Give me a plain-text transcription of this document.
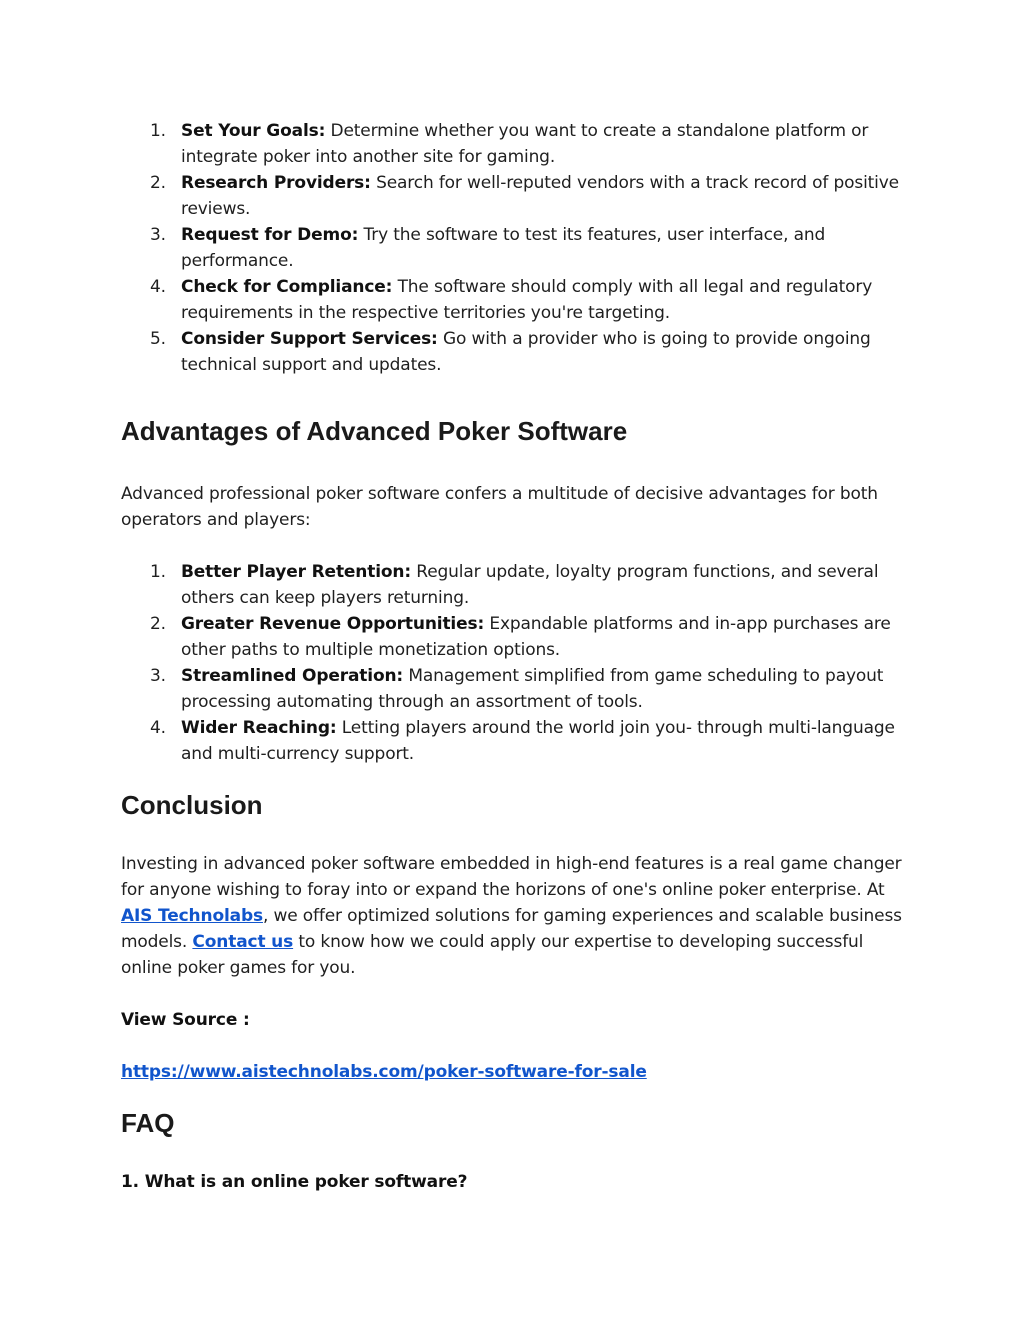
1. Set Your Goals: Determine whether you want to create a standalone platform or integrate poker into another site for gaming.
2. Research Providers: Search for well-reputed vendors with a track record of positive reviews.
3. Request for Demo: Try the software to test its features, user interface, and performance.
4. Check for Compliance: The software should comply with all legal and regulatory requirements in the respective territories you're targeting.
5. Consider Support Services: Go with a provider who is going to provide ongoing technical support and updates.
Advantages of Advanced Poker Software

Advanced professional poker software confers a multitude of decisive advantages for both operators and players:

1. Better Player Retention: Regular update, loyalty program functions, and several others can keep players returning.
2. Greater Revenue Opportunities: Expandable platforms and in-app purchases are other paths to multiple monetization options.
3. Streamlined Operation: Management simplified from game scheduling to payout processing automating through an assortment of tools.
4. Wider Reaching: Letting players around the world join you- through multi-language and multi-currency support.
Conclusion

Investing in advanced poker software embedded in high-end features is a real game changer for anyone wishing to foray into or expand the horizons of one's online poker enterprise. At AIS Technolabs, we offer optimized solutions for gaming experiences and scalable business models. Contact us to know how we could apply our expertise to developing successful online poker games for you.

View Source :

https://www.aistechnolabs.com/poker-software-for-sale

FAQ

1. What is an online poker software?
